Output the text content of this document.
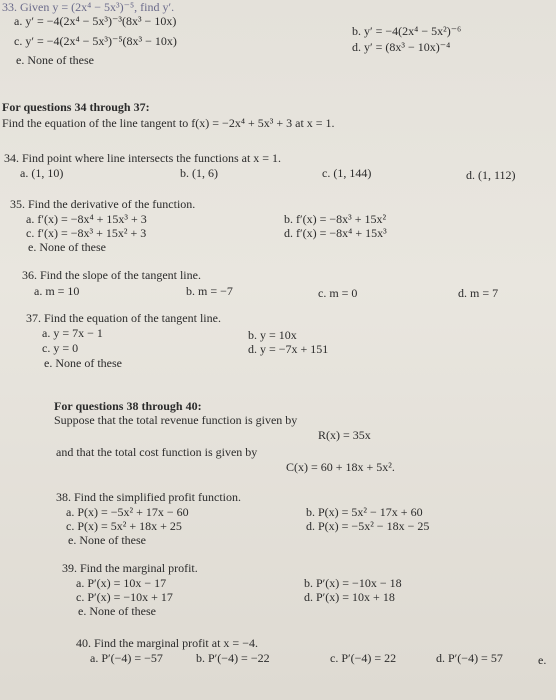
33. Given y = (2x⁴ − 5x³)⁻⁵, find y′.
a. y′ = −4(2x⁴ − 5x³)⁻³(8x³ − 10x)
b. y′ = −4(2x⁴ − 5x²)⁻⁶
c. y′ = −4(2x⁴ − 5x³)⁻⁵(8x³ − 10x)	d. y′ = (8x³ − 10x)⁻⁴
e. None of these
For questions 34 through 37:
Find the equation of the line tangent to f(x) = −2x⁴ + 5x³ + 3 at x = 1.
34. Find point where line intersects the functions at x = 1.
a. (1, 10)	b. (1, 6)	c. (1, 144)	d. (1, 112)
35. Find the derivative of the function.
a. f′(x) = −8x⁴ + 15x³ + 3	b. f′(x) = −8x³ + 15x²
c. f′(x) = −8x³ + 15x² + 3	d. f′(x) = −8x⁴ + 15x³
e. None of these
36. Find the slope of the tangent line.
a. m = 10	b. m = −7	c. m = 0	d. m = 7
37. Find the equation of the tangent line.
a. y = 7x − 1	b. y = 10x
c. y = 0	d. y = −7x + 151
e. None of these
For questions 38 through 40:
Suppose that the total revenue function is given by
R(x) = 35x
and that the total cost function is given by
C(x) = 60 + 18x + 5x².
38. Find the simplified profit function.
a. P(x) = −5x² + 17x − 60	b. P(x) = 5x² − 17x + 60
c. P(x) = 5x² + 18x + 25	d. P(x) = −5x² − 18x − 25
e. None of these
39. Find the marginal profit.
a. P′(x) = 10x − 17	b. P′(x) = −10x − 18
c. P′(x) = −10x + 17	d. P′(x) = 10x + 18
e. None of these
40. Find the marginal profit at x = −4.
a. P′(−4) = −57	b. P′(−4) = −22	c. P′(−4) = 22	d. P′(−4) = 57	e.
